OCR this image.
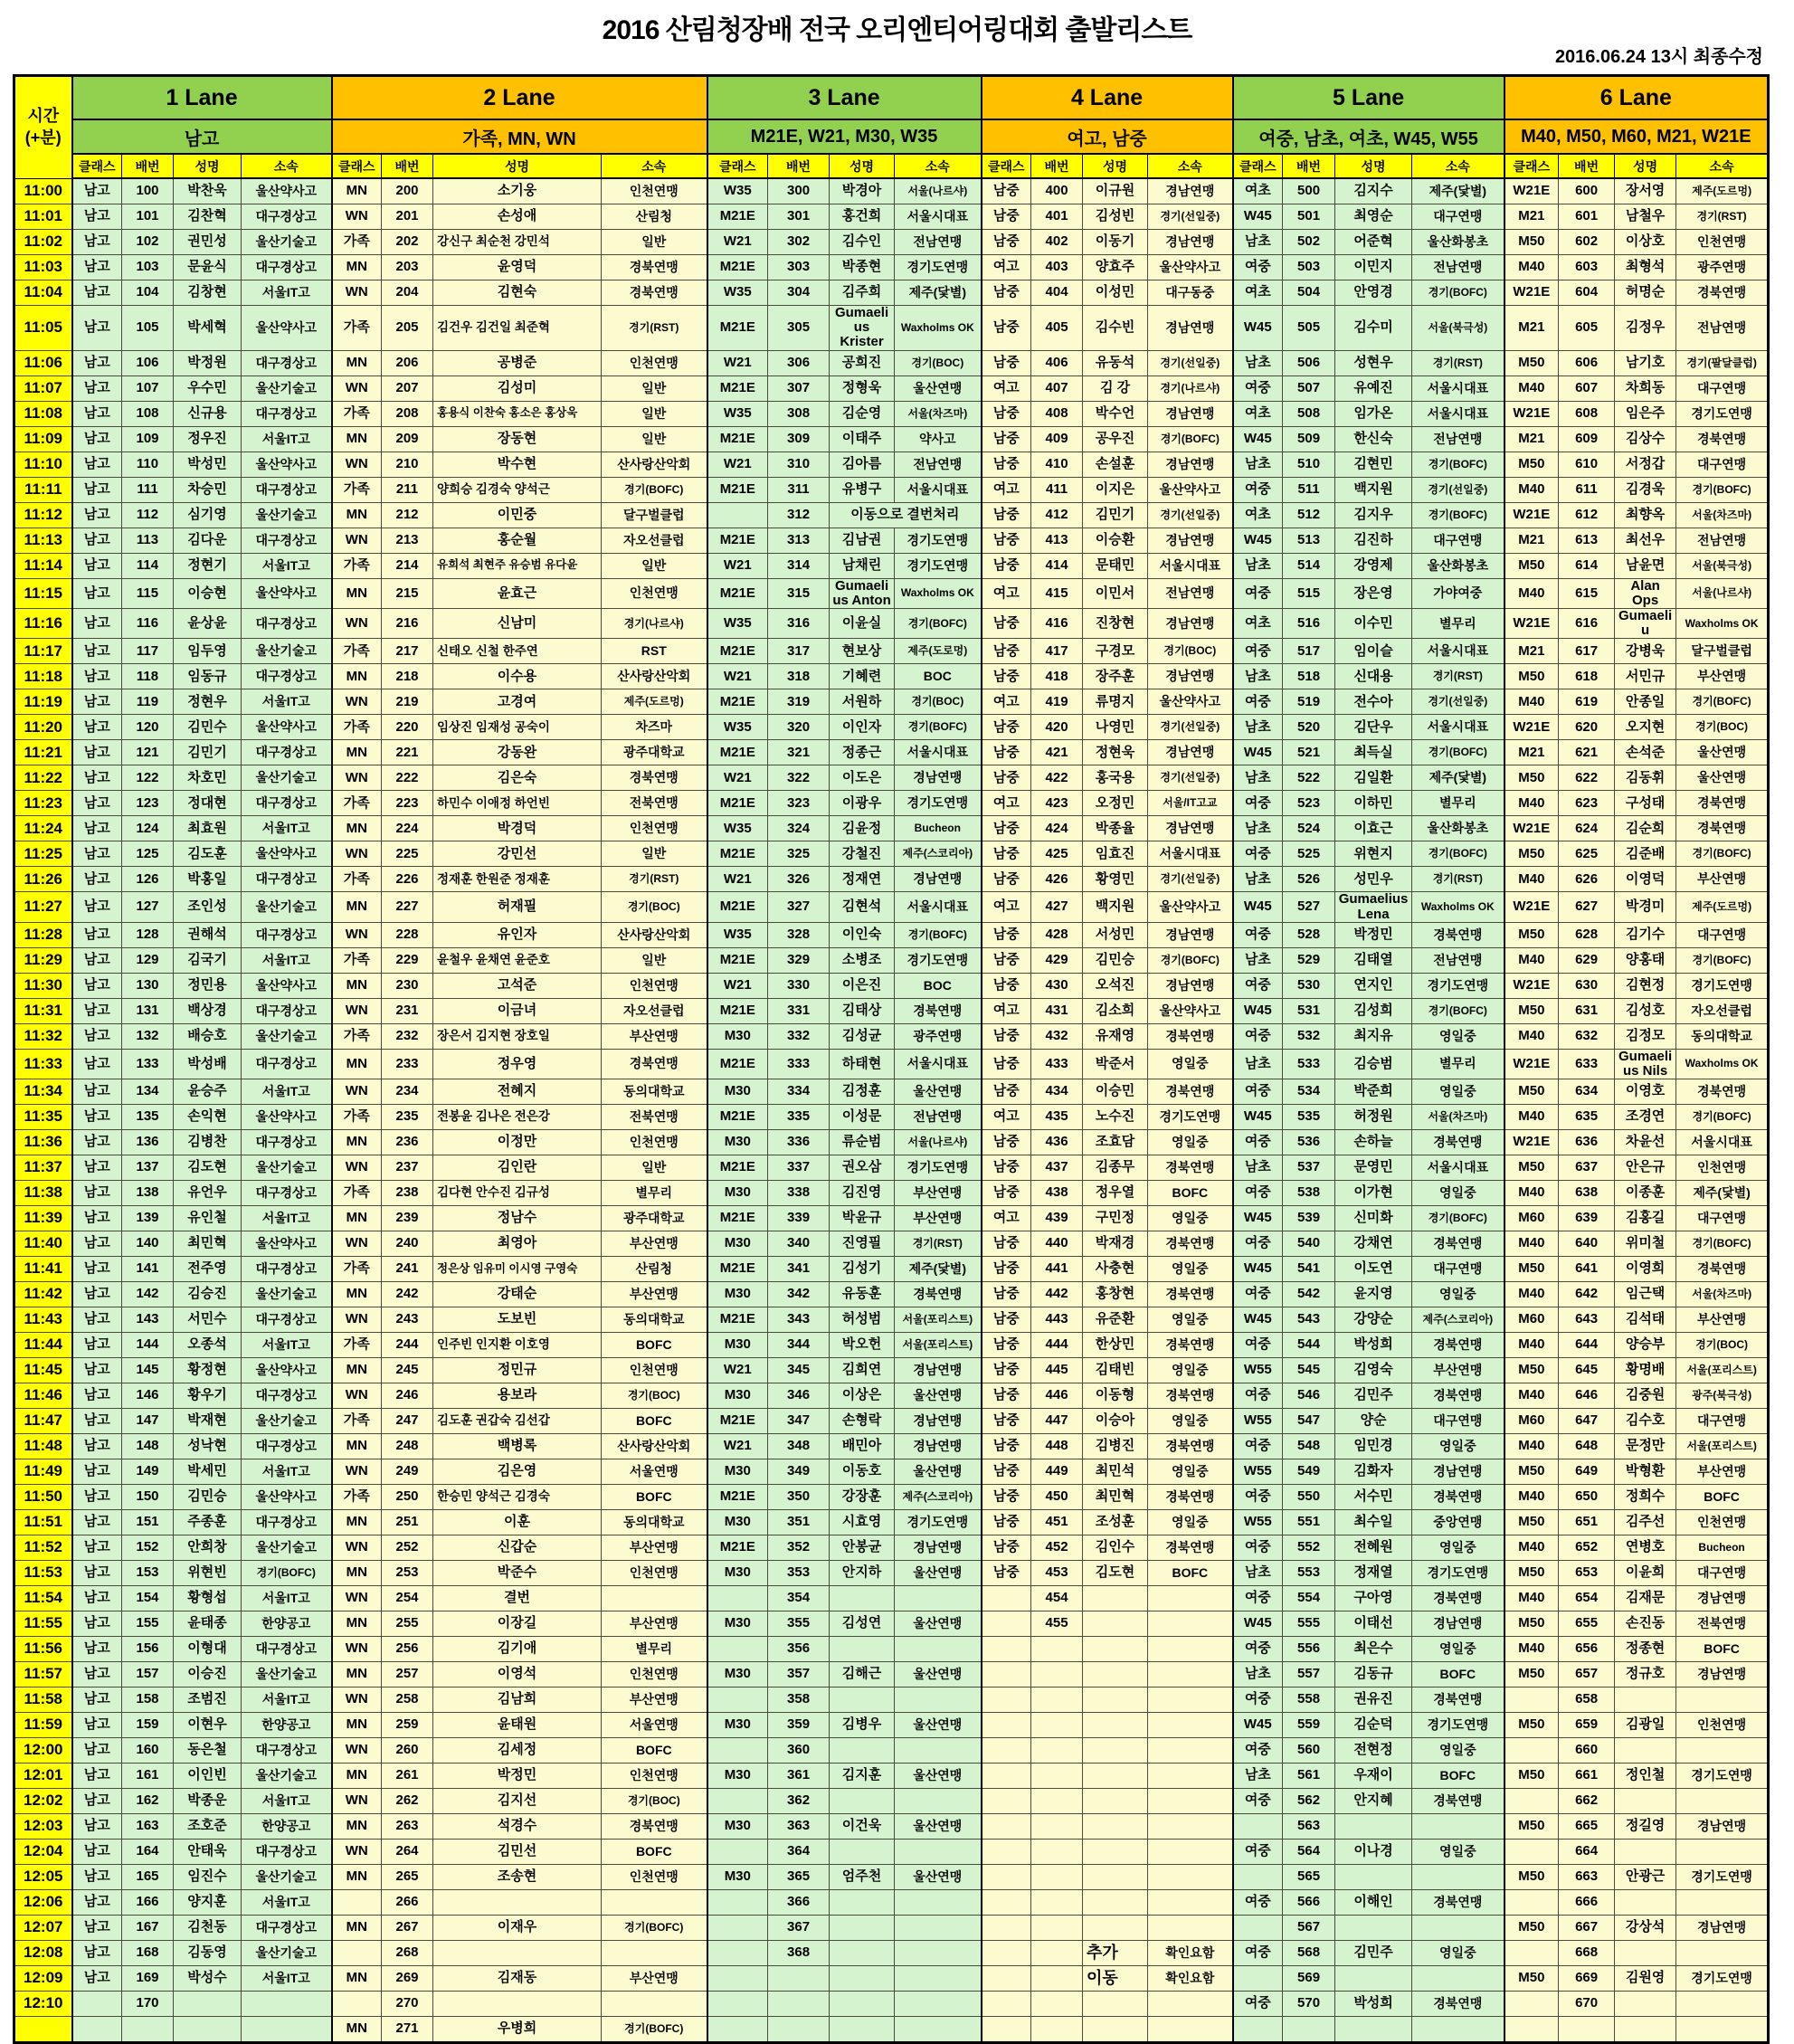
2016 산림청장배 전국 오리엔티어링대회 출발리스트
2016.06.24 13시 최종수정
시간
(+분)	1 Lane				2 Lane				3 Lane				4 Lane				5 Lane				6 Lane			
	남고				가족, MN, WN				M21E, W21, M30, W35				여고, 남중				여중, 남초, 여초, W45, W55				M40, M50, M60, M21, W21E			
	클래스	배번	성명	소속	클래스	배번	성명	소속	클래스	배번	성명	소속	클래스	배번	성명	소속	클래스	배번	성명	소속	클래스	배번	성명	소속
11:00	남고	100	박찬욱	울산약사고	MN	200	소기웅	인천연맹	W35	300	박경아	서울(나르샤)	남중	400	이규원	경남연맹	여초	500	김지수	제주(닻별)	W21E	600	장서영	제주(도르멍)
11:01	남고	101	김찬혁	대구경상고	WN	201	손성애	산림청	M21E	301	홍건희	서울시대표	남중	401	김성빈	경기(선일중)	W45	501	최영순	대구연맹	M21	601	남철우	경기(RST)
11:02	남고	102	권민성	울산기술고	가족	202	강신구 최순천 강민석	일반	W21	302	김수인	전남연맹	남중	402	이동기	경남연맹	남초	502	어준혁	울산화봉초	M50	602	이상호	인천연맹
11:03	남고	103	문윤식	대구경상고	MN	203	윤영덕	경북연맹	M21E	303	박종현	경기도연맹	여고	403	양효주	울산약사고	여중	503	이민지	전남연맹	M40	603	최형석	광주연맹
11:04	남고	104	김창현	서울IT고	WN	204	김현숙	경북연맹	W35	304	김주희	제주(닻별)	남중	404	이성민	대구동중	여초	504	안영경	경기(BOFC)	W21E	604	허명순	경북연맹
11:05	남고	105	박세혁	울산약사고	가족	205	김건우 김건일 최준혁	경기(RST)	M21E	305	Gumaelius Krister	Waxholms OK	남중	405	김수빈	경남연맹	W45	505	김수미	서울(북극성)	M21	605	김정우	전남연맹
11:06	남고	106	박정원	대구경상고	MN	206	공병준	인천연맹	W21	306	공희진	경기(BOC)	남중	406	유동석	경기(선일중)	남초	506	성현우	경기(RST)	M50	606	남기호	경기(팔달클럽)
11:07	남고	107	우수민	울산기술고	WN	207	김성미	일반	M21E	307	정형욱	울산연맹	여고	407	김 강	경기(나르샤)	여중	507	유예진	서울시대표	M40	607	차희동	대구연맹
11:08	남고	108	신규용	대구경상고	가족	208	홍용식 이찬숙 홍소은 홍상욱	일반	W35	308	김순영	서울(차즈마)	남중	408	박수언	경남연맹	여초	508	임가온	서울시대표	W21E	608	임은주	경기도연맹
11:09	남고	109	정우진	서울IT고	MN	209	장동현	일반	M21E	309	이태주	약사고	남중	409	공우진	경기(BOFC)	W45	509	한신숙	전남연맹	M21	609	김상수	경북연맹
11:10	남고	110	박성민	울산약사고	WN	210	박수현	산사랑산악회	W21	310	김아름	전남연맹	남중	410	손설훈	경남연맹	남초	510	김현민	경기(BOFC)	M50	610	서정갑	대구연맹
11:11	남고	111	차승민	대구경상고	가족	211	양희승 김경숙 양석근	경기(BOFC)	M21E	311	유병구	서울시대표	여고	411	이지은	울산약사고	여중	511	백지원	경기(선일중)	M40	611	김경욱	경기(BOFC)
11:12	남고	112	심기영	울산기술고	MN	212	이민중	달구벌클럽		312	이동으로 결번처리		남중	412	김민기	경기(선일중)	여초	512	김지우	경기(BOFC)	W21E	612	최향옥	서울(차즈마)
11:13	남고	113	김다운	대구경상고	WN	213	홍순월	자오선클럽	M21E	313	김남권	경기도연맹	남중	413	이승환	경남연맹	W45	513	김진하	대구연맹	M21	613	최선우	전남연맹
11:14	남고	114	정현기	서울IT고	가족	214	유희석 최현주 유승범 유다윤	일반	W21	314	남채린	경기도연맹	남중	414	문태민	서울시대표	남초	514	강영제	울산화봉초	M50	614	남윤면	서울(북극성)
11:15	남고	115	이승현	울산약사고	MN	215	윤효근	인천연맹	M21E	315	Gumaelius Anton	Waxholms OK	여고	415	이민서	전남연맹	여중	515	장은영	가야여중	M40	615	Alan Ops	서울(나르샤)
11:16	남고	116	윤상윤	대구경상고	WN	216	신남미	경기(나르샤)	W35	316	이윤실	경기(BOFC)	남중	416	진창현	경남연맹	여초	516	이수민	별무리	W21E	616	Gumaeliu	Waxholms OK
11:17	남고	117	임두영	울산기술고	가족	217	신태오 신철 한주연	RST	M21E	317	현보상	제주(도로멍)	남중	417	구경모	경기(BOC)	여중	517	임이슬	서울시대표	M21	617	강병욱	달구벌클럽
11:18	남고	118	임동규	대구경상고	MN	218	이수용	산사랑산악회	W21	318	기혜련	BOC	남중	418	장주훈	경남연맹	남초	518	신대용	경기(RST)	M50	618	서민규	부산연맹
11:19	남고	119	정현우	서울IT고	WN	219	고경여	제주(도르멍)	M21E	319	서원하	경기(BOC)	여고	419	류명지	울산약사고	여중	519	전수아	경기(선일중)	M40	619	안종일	경기(BOFC)
11:20	남고	120	김민수	울산약사고	가족	220	임상진 임재성 공숙이	차즈마	W35	320	이인자	경기(BOFC)	남중	420	나영민	경기(선일중)	남초	520	김단우	서울시대표	W21E	620	오지현	경기(BOC)
11:21	남고	121	김민기	대구경상고	MN	221	강동완	광주대학교	M21E	321	정종근	서울시대표	남중	421	정현욱	경남연맹	W45	521	최득실	경기(BOFC)	M21	621	손석준	울산연맹
11:22	남고	122	차호민	울산기술고	WN	222	김은숙	경북연맹	W21	322	이도은	경남연맹	남중	422	홍국용	경기(선일중)	남초	522	김일환	제주(닻별)	M50	622	김동휘	울산연맹
11:23	남고	123	정대현	대구경상고	가족	223	하민수 이애정 하언빈	전북연맹	M21E	323	이광우	경기도연맹	여고	423	오정민	서울/IT고교	여중	523	이하민	별무리	M40	623	구성태	경북연맹
11:24	남고	124	최효원	서울IT고	MN	224	박경덕	인천연맹	W35	324	김윤정	Bucheon	남중	424	박종율	경남연맹	남초	524	이효근	울산화봉초	W21E	624	김순희	경북연맹
11:25	남고	125	김도훈	울산약사고	WN	225	강민선	일반	M21E	325	강철진	제주(스코리아)	남중	425	임효진	서울시대표	여중	525	위현지	경기(BOFC)	M50	625	김준배	경기(BOFC)
11:26	남고	126	박홍일	대구경상고	가족	226	정재훈 한원준 정재훈	경기(RST)	W21	326	정재연	경남연맹	남중	426	황영민	경기(선일중)	남초	526	성민우	경기(RST)	M40	626	이영덕	부산연맹
11:27	남고	127	조인성	울산기술고	MN	227	허재필	경기(BOC)	M21E	327	김현석	서울시대표	여고	427	백지원	울산약사고	W45	527	Gumaelius Lena	Waxholms OK	W21E	627	박경미	제주(도르멍)
11:28	남고	128	권해석	대구경상고	WN	228	유인자	산사랑산악회	W35	328	이인숙	경기(BOFC)	남중	428	서성민	경남연맹	여중	528	박정민	경북연맹	M50	628	김기수	대구연맹
11:29	남고	129	김국기	서울IT고	가족	229	윤철우 윤채연 윤준호	일반	M21E	329	소병조	경기도연맹	남중	429	김민승	경기(BOFC)	남초	529	김태열	전남연맹	M40	629	양홍태	경기(BOFC)
11:30	남고	130	정민용	울산약사고	MN	230	고석준	인천연맹	W21	330	이은진	BOC	남중	430	오석진	경남연맹	여중	530	연지인	경기도연맹	W21E	630	김현정	경기도연맹
11:31	남고	131	백상경	대구경상고	WN	231	이금녀	자오선클럽	M21E	331	김태상	경북연맹	여고	431	김소희	울산약사고	W45	531	김성희	경기(BOFC)	M50	631	김성호	자오선클럽
11:32	남고	132	배승호	울산기술고	가족	232	장은서 김지현 장호일	부산연맹	M30	332	김성균	광주연맹	남중	432	유재영	경북연맹	여중	532	최지유	영일중	M40	632	김정모	동의대학교
11:33	남고	133	박성배	대구경상고	MN	233	정우영	경북연맹	M21E	333	하태현	서울시대표	남중	433	박준서	영일중	남초	533	김승범	별무리	W21E	633	Gumaelius Nils	Waxholms OK
11:34	남고	134	윤승주	서울IT고	WN	234	전혜지	동의대학교	M30	334	김정훈	울산연맹	남중	434	이승민	경북연맹	여중	534	박준희	영일중	M50	634	이영호	경북연맹
11:35	남고	135	손익현	울산약사고	가족	235	전봉윤 김나은 전은강	전북연맹	M21E	335	이성문	전남연맹	여고	435	노수진	경기도연맹	W45	535	허정원	서울(차즈마)	M40	635	조경연	경기(BOFC)
11:36	남고	136	김병찬	대구경상고	MN	236	이정만	인천연맹	M30	336	류순범	서울(나르샤)	남중	436	조효담	영일중	여중	536	손하늘	경북연맹	W21E	636	차윤선	서울시대표
11:37	남고	137	김도현	울산기술고	WN	237	김인란	일반	M21E	337	권오삼	경기도연맹	남중	437	김종무	경북연맹	남초	537	문영민	서울시대표	M50	637	안은규	인천연맹
11:38	남고	138	유언우	대구경상고	가족	238	김다현 안수진 김규성	별무리	M30	338	김진영	부산연맹	남중	438	정우열	BOFC	여중	538	이가현	영일중	M40	638	이종훈	제주(닻별)
11:39	남고	139	유인철	서울IT고	MN	239	정남수	광주대학교	M21E	339	박윤규	부산연맹	여고	439	구민정	영일중	W45	539	신미화	경기(BOFC)	M60	639	김홍길	대구연맹
11:40	남고	140	최민혁	울산약사고	WN	240	최영아	부산연맹	M30	340	진영필	경기(RST)	남중	440	박재경	경북연맹	여중	540	강채연	경북연맹	M40	640	위미철	경기(BOFC)
11:41	남고	141	전주영	대구경상고	가족	241	정은상 임유미 이시영 구영숙	산림청	M21E	341	김성기	제주(닻별)	남중	441	사충현	영일중	W45	541	이도연	대구연맹	M50	641	이영희	경북연맹
11:42	남고	142	김승진	울산기술고	MN	242	강태순	부산연맹	M30	342	유동훈	경북연맹	남중	442	홍창현	경북연맹	여중	542	윤지영	영일중	M40	642	임근택	서울(차즈마)
11:43	남고	143	서민수	대구경상고	WN	243	도보빈	동의대학교	M21E	343	허성범	서울(포리스트)	남중	443	유준환	영일중	W45	543	강양순	제주(스코리아)	M60	643	김석태	부산연맹
11:44	남고	144	오종석	서울IT고	가족	244	인주빈 인지환 이호영	BOFC	M30	344	박오헌	서울(포리스트)	남중	444	한상민	경북연맹	여중	544	박성희	경북연맹	M40	644	양승부	경기(BOC)
11:45	남고	145	황정현	울산약사고	MN	245	정민규	인천연맹	W21	345	김희연	경남연맹	남중	445	김태빈	영일중	W55	545	김영숙	부산연맹	M50	645	황명배	서울(포리스트)
11:46	남고	146	황우기	대구경상고	WN	246	용보라	경기(BOC)	M30	346	이상은	울산연맹	남중	446	이동형	경북연맹	여중	546	김민주	경북연맹	M40	646	김중원	광주(북극성)
11:47	남고	147	박재현	울산기술고	가족	247	김도훈 권갑숙 김선갑	BOFC	M21E	347	손형락	경남연맹	남중	447	이승아	영일중	W55	547	양순	대구연맹	M60	647	김수호	대구연맹
11:48	남고	148	성낙현	대구경상고	MN	248	백병록	산사랑산악회	W21	348	배민아	경남연맹	남중	448	김병진	경북연맹	여중	548	임민경	영일중	M40	648	문정만	서울(포리스트)
11:49	남고	149	박세민	서울IT고	WN	249	김은영	서울연맹	M30	349	이동호	울산연맹	남중	449	최민석	영일중	W55	549	김화자	경남연맹	M50	649	박형환	부산연맹
11:50	남고	150	김민승	울산약사고	가족	250	한승민 양석근 김경숙	BOFC	M21E	350	강장훈	제주(스코리아)	남중	450	최민혁	경북연맹	여중	550	서수민	경북연맹	M40	650	정희수	BOFC
11:51	남고	151	주종훈	대구경상고	MN	251	이훈	동의대학교	M30	351	시효영	경기도연맹	남중	451	조성훈	영일중	W55	551	최수일	중앙연맹	M50	651	김주선	인천연맹
11:52	남고	152	안희창	울산기술고	WN	252	신갑순	부산연맹	M21E	352	안봉균	경남연맹	남중	452	김인수	경북연맹	여중	552	전혜원	영일중	M40	652	연병호	Bucheon
11:53	남고	153	위현빈	경기(BOFC)	MN	253	박준수	인천연맹	M30	353	안지하	울산연맹	남중	453	김도현	BOFC	남초	553	정재열	경기도연맹	M50	653	이윤희	대구연맹
11:54	남고	154	황형섭	서울IT고	WN	254	결번			354				454			여중	554	구아영	경북연맹	M40	654	김재문	경남연맹
11:55	남고	155	윤태종	한양공고	MN	255	이장길	부산연맹	M30	355	김성연	울산연맹		455			W45	555	이태선	경남연맹	M50	655	손진동	전북연맹
11:56	남고	156	이형대	대구경상고	WN	256	김기애	별무리		356							여중	556	최은수	영일중	M40	656	정종현	BOFC
11:57	남고	157	이승진	울산기술고	MN	257	이영석	인천연맹	M30	357	김해근	울산연맹					남초	557	김동규	BOFC	M50	657	정규호	경남연맹
11:58	남고	158	조범진	서울IT고	WN	258	김남희	부산연맹		358							여중	558	권유진	경북연맹		658		
11:59	남고	159	이현우	한양공고	MN	259	윤태원	서울연맹	M30	359	김병우	울산연맹					W45	559	김순덕	경기도연맹	M50	659	김광일	인천연맹
12:00	남고	160	동은철	대구경상고	WN	260	김세정	BOFC		360							여중	560	전현정	영일중		660		
12:01	남고	161	이인빈	울산기술고	MN	261	박정민	인천연맹	M30	361	김지훈	울산연맹					남초	561	우재이	BOFC	M50	661	정인철	경기도연맹
12:02	남고	162	박종운	서울IT고	WN	262	김지선	경기(BOC)		362							여중	562	안지혜	경북연맹		662		
12:03	남고	163	조호준	한양공고	MN	263	석경수	경북연맹	M30	363	이건욱	울산연맹						563			M50	665	정길영	경남연맹
12:04	남고	164	안태욱	대구경상고	WN	264	김민선	BOFC		364							여중	564	이나경	영일중		664		
12:05	남고	165	임진수	울산기술고	MN	265	조송현	인천연맹	M30	365	엄주천	울산연맹						565			M50	663	안광근	경기도연맹
12:06	남고	166	양지훈	서울IT고		266				366							여중	566	이해인	경북연맹		666		
12:07	남고	167	김천동	대구경상고	MN	267	이재우	경기(BOFC)		367								567			M50	667	강상석	경남연맹
12:08	남고	168	김동영	울산기술고		268				368					추가	확인요함	여중	568	김민주	영일중		668		
12:09	남고	169	박성수	서울IT고	MN	269	김재동	부산연맹							이동	확인요함		569			M50	669	김원영	경기도연맹
12:10		170				270											여중	570	박성희	경북연맹		670		
					MN	271	우병희	경기(BOFC)																
